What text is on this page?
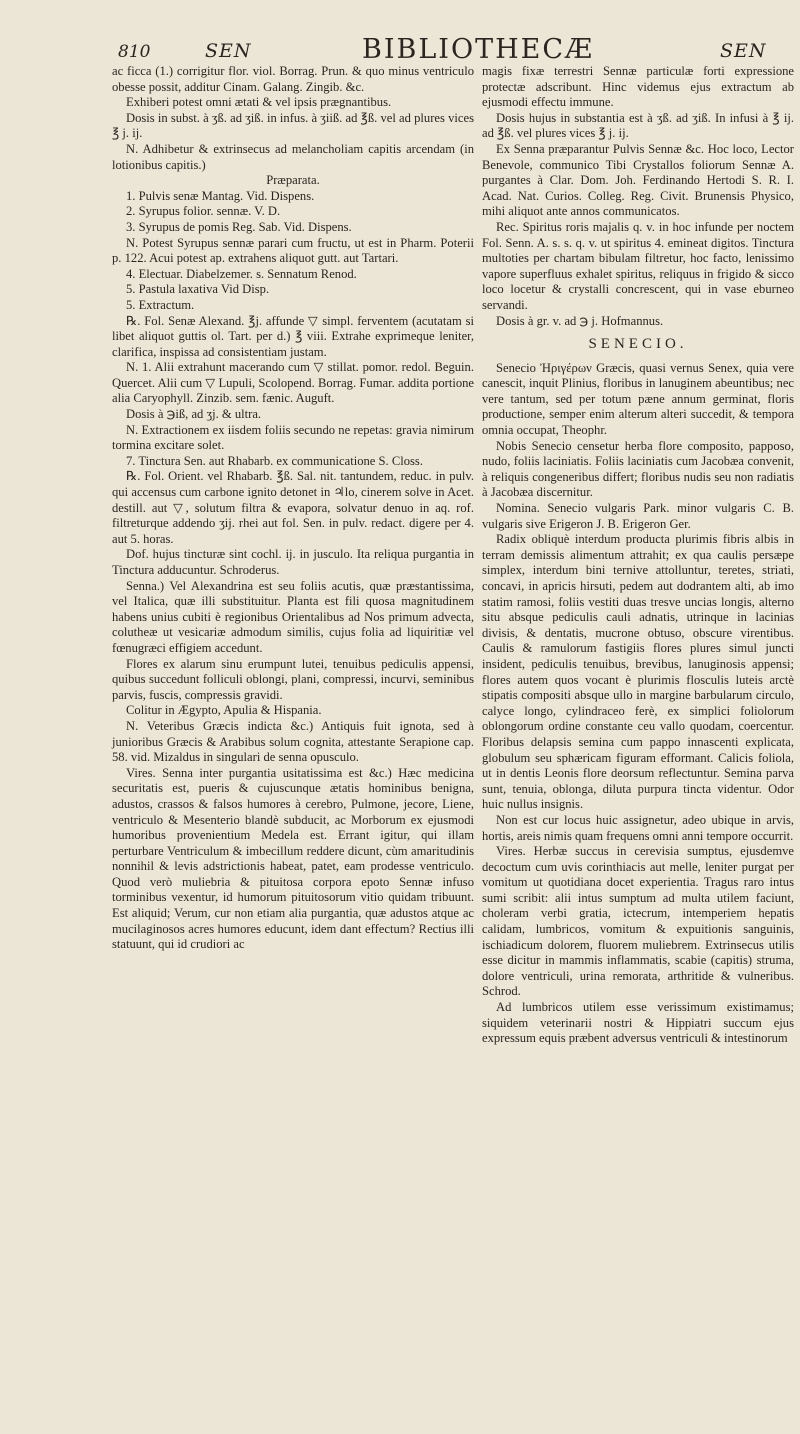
810	SEN	BIBLIOTHECÆ	SEN

ac ficca (1.) corrigitur flor. viol. Borrag. Prun. & quo minus ventriculo obesse possit, additur Cinam. Galang. Zingib. &c.

Exhiberi potest omni ætati & vel ipsis prægnantibus.

Dosis in subst. à ʒß. ad ʒiß. in infus. à ʒiiß. ad ℥ß. vel ad plures vices ℥ j. ij.

N. Adhibetur & extrinsecus ad melancholiam capitis arcendam (in lotionibus capitis.)

Præparata.

1. Pulvis senæ Mantag. Vid. Dispens.

2. Syrupus folior. sennæ. V. D.

3. Syrupus de pomis Reg. Sab. Vid. Dispens.

N. Potest Syrupus sennæ parari cum fructu, ut est in Pharm. Poterii p. 122. Acui potest ap. extrahens aliquot gutt. aut Tartari.

4. Electuar. Diabelzemer. s. Sennatum Renod.

5. Pastula laxativa Vid Disp.

5. Extractum.

℞. Fol. Senæ Alexand. ℥j. affunde ▽ simpl. ferventem (acutatam si libet aliquot guttis ol. Tart. per d.) ℥ viii. Extrahe exprimeque leniter, clarifica, inspissa ad consistentiam justam.

N. 1. Alii extrahunt macerando cum ▽ stillat. pomor. redol. Beguin. Quercet. Alii cum ▽ Lupuli, Scolopend. Borrag. Fumar. addita portione alia Caryophyll. Zinzib. sem. fænic. Auguft.

Dosis à ℈iß, ad ʒj. & ultra.

N. Extractionem ex iisdem foliis secundo ne repetas: gravia nimirum tormina excitare solet.

7. Tinctura Sen. aut Rhabarb. ex communicatione S. Closs.

℞. Fol. Orient. vel Rhabarb. ℥ß. Sal. nit. tantundem, reduc. in pulv. qui accensus cum carbone ignito detonet in ♃lo, cinerem solve in Acet. destill. aut ▽, solutum filtra & evapora, solvatur denuo in aq. rof. filtreturque addendo ʒij. rhei aut fol. Sen. in pulv. redact. digere per 4. aut 5. horas.

Dof. hujus tincturæ sint cochl. ij. in jusculo. Ita reliqua purgantia in Tinctura adducuntur. Schroderus.

Senna.) Vel Alexandrina est seu foliis acutis, quæ præstantissima, vel Italica, quæ illi substituitur. Planta est fili quosa magnitudinem habens unius cubiti è regionibus Orientalibus ad Nos primum advecta, colutheæ ut vesicariæ admodum similis, cujus folia ad liquiritiæ vel fœnugræci effigiem accedunt.

Flores ex alarum sinu erumpunt lutei, tenuibus pediculis appensi, quibus succedunt folliculi oblongi, plani, compressi, incurvi, seminibus parvis, fuscis, compressis gravidi.

Colitur in Ægypto, Apulia & Hispania.

N. Veteribus Græcis indicta &c.) Antiquis fuit ignota, sed à junioribus Græcis & Arabibus solum cognita, attestante Serapione cap. 58. vid. Mizaldus in singulari de senna opusculo.

Vires. Senna inter purgantia usitatissima est &c.) Hæc medicina securitatis est, pueris & cujuscunque ætatis hominibus benigna, adustos, crassos & falsos humores à cerebro, Pulmone, jecore, Liene, ventriculo & Mesenterio blandè subducit, ac Morborum ex ejusmodi humoribus provenientium Medela est. Errant igitur, qui illam perturbare Ventriculum & imbecillum reddere dicunt, cùm amaritudinis nonnihil & levis adstrictionis habeat, patet, eam prodesse ventriculo. Quod verò muliebria & pituitosa corpora epoto Sennæ infuso torminibus vexentur, id humorum pituitosorum vitio quidam tribuunt. Est aliquid; Verum, cur non etiam alia purgantia, quæ adustos atque ac mucilaginosos acres humores educunt, idem dant effectum? Rectius illi statuunt, qui id crudiori ac

magis fixæ terrestri Sennæ particulæ forti expressione protectæ adscribunt. Hinc videmus ejus extractum ab ejusmodi effectu immune.

Dosis hujus in substantia est à ʒß. ad ʒiß. In infusi à ℥ ij. ad ℥ß. vel plures vices ℥ j. ij.

Ex Senna præparantur Pulvis Sennæ &c. Hoc loco, Lector Benevole, communico Tibi Crystallos foliorum Sennæ A. purgantes à Clar. Dom. Joh. Ferdinando Hertodi S. R. I. Acad. Nat. Curios. Colleg. Reg. Civit. Brunensis Physico, mihi aliquot ante annos communicatos.

Rec. Spiritus roris majalis q. v. in hoc infunde per noctem Fol. Senn. A. s. s. q. v. ut spiritus 4. emineat digitos. Tinctura multoties per chartam bibulam filtretur, hoc facto, lenissimo vapore superfluus exhalet spiritus, reliquus in frigido & sicco loco locetur & crystalli concrescent, qui in vase eburneo servandi.

Dosis à gr. v. ad ℈ j. Hofmannus.

SENECIO.

Senecio Ἠριγέρων Græcis, quasi vernus Senex, quia vere canescit, inquit Plinius, floribus in lanuginem abeuntibus; nec vere tantum, sed per totum pæne annum germinat, floris productione, semper enim alterum alteri succedit, & tempora omnia occupat, Theophr.

Nobis Senecio censetur herba flore composito, papposo, nudo, foliis laciniatis. Foliis laciniatis cum Jacobæa convenit, à reliquis congeneribus differt; floribus nudis seu non radiatis à Jacobæa discernitur.

Nomina. Senecio vulgaris Park. minor vulgaris C. B. vulgaris sive Erigeron J. B. Erigeron Ger.

Radix obliquè interdum producta plurimis fibris albis in terram demissis alimentum attrahit; ex qua caulis persæpe simplex, interdum bini ternive attolluntur, teretes, striati, concavi, in apricis hirsuti, pedem aut dodrantem alti, ab imo statim ramosi, foliis vestiti duas tresve uncias longis, alterno situ absque pediculis cauli adnatis, utrinque in lacinias divisis, & dentatis, mucrone obtuso, obscure virentibus. Caulis & ramulorum fastigiis flores plures simul juncti insident, pediculis tenuibus, brevibus, lanuginosis appensi; flores autem quos vocant è plurimis flosculis luteis arctè stipatis compositi absque ullo in margine barbularum circulo, calyce longo, cylindraceo ferè, ex simplici foliolorum oblongorum ordine constante ceu vallo quodam, coercentur. Floribus delapsis semina cum pappo innascenti explicata, globulum seu sphæricam figuram efformant. Calicis foliola, ut in dentis Leonis flore deorsum reflectuntur. Semina parva sunt, tenuia, oblonga, diluta purpura tincta videntur. Odor huic nullus insignis.

Non est cur locus huic assignetur, adeo ubique in arvis, hortis, areis nimis quam frequens omni anni tempore occurrit.

Vires. Herbæ succus in cerevisia sumptus, ejusdemve decoctum cum uvis corinthiacis aut melle, leniter purgat per vomitum ut quotidiana docet experientia. Tragus raro intus sumi scribit: alii intus sumptum ad multa utilem faciunt, choleram verbi gratia, ictecrum, intemperiem hepatis calidam, lumbricos, vomitum & expuitionis sanguinis, ischiadicum dolorem, fluorem muliebrem. Extrinsecus utilis esse dicitur in mammis inflammatis, scabie (capitis) struma, dolore ventriculi, urina remorata, arthritide & vulneribus. Schrod.

Ad lumbricos utilem esse verissimum existimamus; siquidem veterinarii nostri & Hippiatri succum ejus expressum equis præbent adversus ventriculi & intestinorum
